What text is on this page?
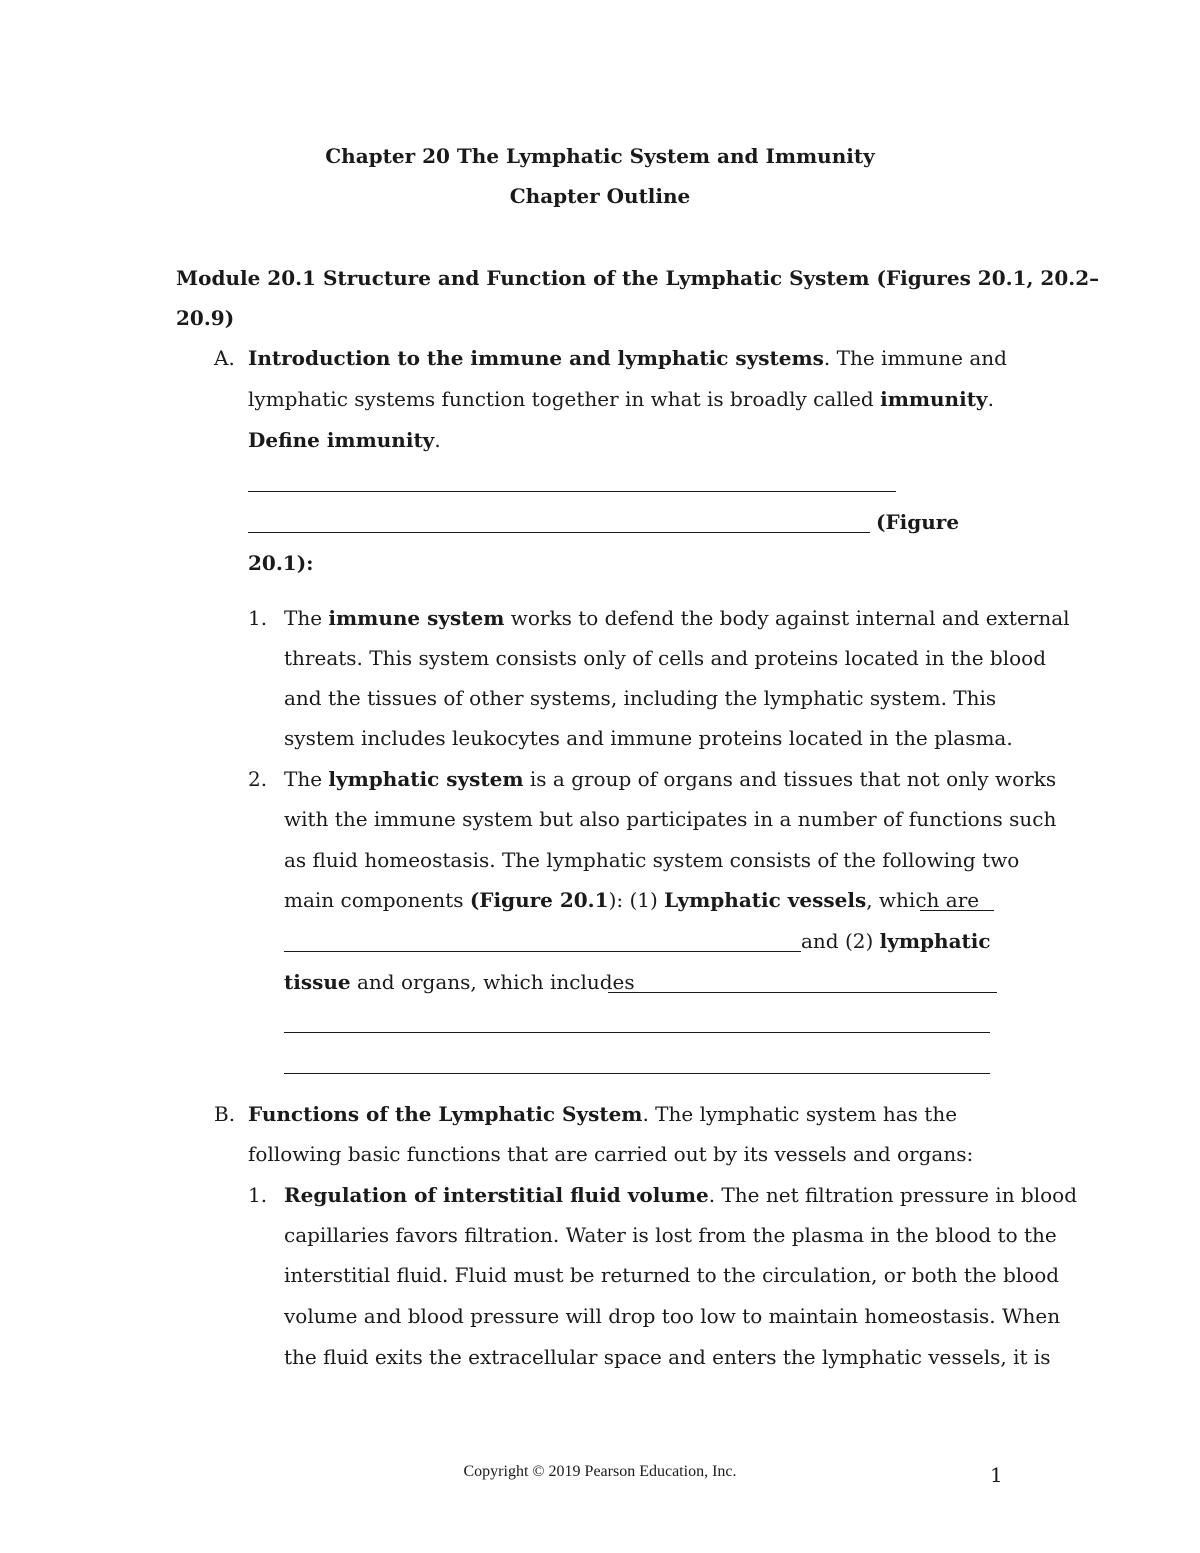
Chapter 20 The Lymphatic System and Immunity
Chapter Outline
Module 20.1 Structure and Function of the Lymphatic System (Figures 20.1, 20.2–
20.9)
A. Introduction to the immune and lymphatic systems. The immune and
lymphatic systems function together in what is broadly called immunity.
Define immunity.
(Figure
20.1):
1. The immune system works to defend the body against internal and external
threats. This system consists only of cells and proteins located in the blood
and the tissues of other systems, including the lymphatic system. This
system includes leukocytes and immune proteins located in the plasma.
2. The lymphatic system is a group of organs and tissues that not only works
with the immune system but also participates in a number of functions such
as fluid homeostasis. The lymphatic system consists of the following two
main components (Figure 20.1): (1) Lymphatic vessels, which are
and (2) lymphatic
tissue and organs, which includes
B. Functions of the Lymphatic System. The lymphatic system has the
following basic functions that are carried out by its vessels and organs:
1. Regulation of interstitial fluid volume. The net filtration pressure in blood
capillaries favors filtration. Water is lost from the plasma in the blood to the
interstitial fluid. Fluid must be returned to the circulation, or both the blood
volume and blood pressure will drop too low to maintain homeostasis. When
the fluid exits the extracellular space and enters the lymphatic vessels, it is
Copyright © 2019 Pearson Education, Inc.	1
